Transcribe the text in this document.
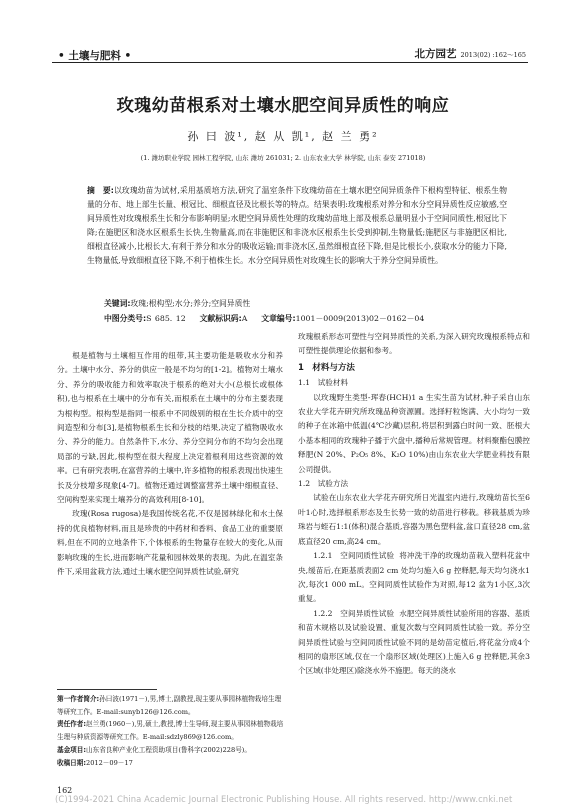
• 土壤与肥料 •	北方园艺 2013(02) :162～165
玫瑰幼苗根系对土壤水肥空间异质性的响应
孙 曰 波¹, 赵 从 凯¹, 赵 兰 勇²
(1. 潍坊职业学院 园林工程学院, 山东 潍坊 261031; 2. 山东农业大学 林学院, 山东 泰安 271018)
摘　要:以玫瑰幼苗为试材,采用基质培方法,研究了温室条件下玫瑰幼苗在土壤水肥空间异质条件下根构型特征、根系生物量的分布、地上部生长量、根冠比、细根直径及比根长等的特点。结果表明:玫瑰根系对养分和水分空间异质性反应敏感,空间异质性对玫瑰根系生长和分布影响明显;水肥空间异质性处理的玫瑰幼苗地上部及根系总量明显小于空间同质性,根冠比下降;在施肥区和浇水区根系生长快,生物量高,而在非施肥区和非浇水区根系生长受到抑制,生物量低;施肥区与非施肥区相比,细根直径减小,比根长大,有利于养分和水分的吸收运输;而非浇水区,虽然细根直径下降,但是比根长小,获取水分的能力下降,生物量低,导致细根直径下降,不利于植株生长。水分空间异质性对玫瑰生长的影响大于养分空间异质性。
关键词:玫瑰;根构型;水分;养分;空间异质性
中图分类号:S 685. 12 文献标识码:A 文章编号:1001－0009(2013)02－0162－04

根是植物与土壤相互作用的纽带,其主要功能是吸收水分和养分。土壤中水分、养分的供应一般是不均匀的[1-2]。植物对土壤水分、养分的吸收能力和效率取决于根系的绝对大小(总根长或根体积),也与根系在土壤中的分布有关,而根系在土壤中的分布主要表现为根构型。根构型是指同一根系中不同级别的根在生长介质中的空间造型和分布[3],是植物根系生长和分枝的结果,决定了植物吸收水分、养分的能力。自然条件下,水分、养分空间分布的不均匀会出现局部的亏缺,因此,根构型在很大程度上决定着根利用这些资源的效率。已有研究表明,在富营养的土壤中,许多植物的根系表现出快速生长及分枝增多现象[4-7]。植物还通过调整富营养土壤中细根直径、空间构型来实现土壤养分的高效利用[8-10]。

玫瑰(Rosa rugosa)是我国传统名花,不仅是园林绿化和水土保持的优良植物材料,而且是珍贵的中药材和香料、食品工业的重要原料,但在不同的立地条件下,个体根系的生物量存在较大的变化,从而影响玫瑰的生长,进而影响产花量和园林效果的表现。为此,在温室条件下,采用盆栽方法,通过土壤水肥空间异质性试验,研究

玫瑰根系形态可塑性与空间异质性的关系,为深入研究玫瑰根系特点和可塑性提供理论依据和参考。

1　材料与方法
1.1　试验材料

以玫瑰野生类型-珲春(HCH)1 a 生实生苗为试材,种子采自山东农业大学花卉研究所玫瑰品种资源圃。选择籽粒饱满、大小均匀一致的种子在冰箱中低温(4℃沙藏)层积,将层积到露白时间一致、胚根大小基本相同的玫瑰种子播于穴盘中,播种后常规管理。材料聚酯包膜控释肥(N 20%、P₂O₅ 8%、K₂O 10%)由山东农业大学肥业科技有限公司提供。

1.2　试验方法

试验在山东农业大学花卉研究所日光温室内进行,玫瑰幼苗长至6叶1心时,选择根系形态及生长势一致的幼苗进行移栽。移栽基质为珍珠岩与蛭石1:1(体积)混合基质,容器为黑色塑料盆,盆口直径28 cm,盆底直径20 cm,高24 cm。

1.2.1　空间同质性试验 将冲洗干净的玫瑰幼苗栽入塑料花盆中央,缓苗后,在距基质表面2 cm 处均匀施入6 g 控释肥,每天均匀浇水1次,每次1 000 mL。空间同质性试验作为对照,每12 盆为1小区,3次重复。

1.2.2　空间异质性试验 水肥空间异质性试验所用的容器、基质和苗木规格以及试验设置、重复次数与空间同质性试验一致。养分空间异质性试验与空间同质性试验不同的是幼苗定植后,将花盆分成4个相同的扇形区域,仅在一个扇形区域(处理区)上施入6 g 控释肥,其余3个区域(非处理区)除浇水外不施肥。每天的浇水

第一作者简介:孙曰波(1971－),男,博士,副教授,现主要从事园林植物栽培生理等研究工作。E-mail:sunyb126@126.com。

责任作者:赵兰勇(1960－),男,硕士,教授,博士生导师,现主要从事园林植物栽培生理与种质资源等研究工作。E-mail:sdzly869@126.com。

基金项目:山东省良种产业化工程资助项目(鲁科字(2002)228号)。

收稿日期:2012－09－17

162
(C)1994-2021 China Academic Journal Electronic Publishing House. All rights reserved. http://www.cnki.net
